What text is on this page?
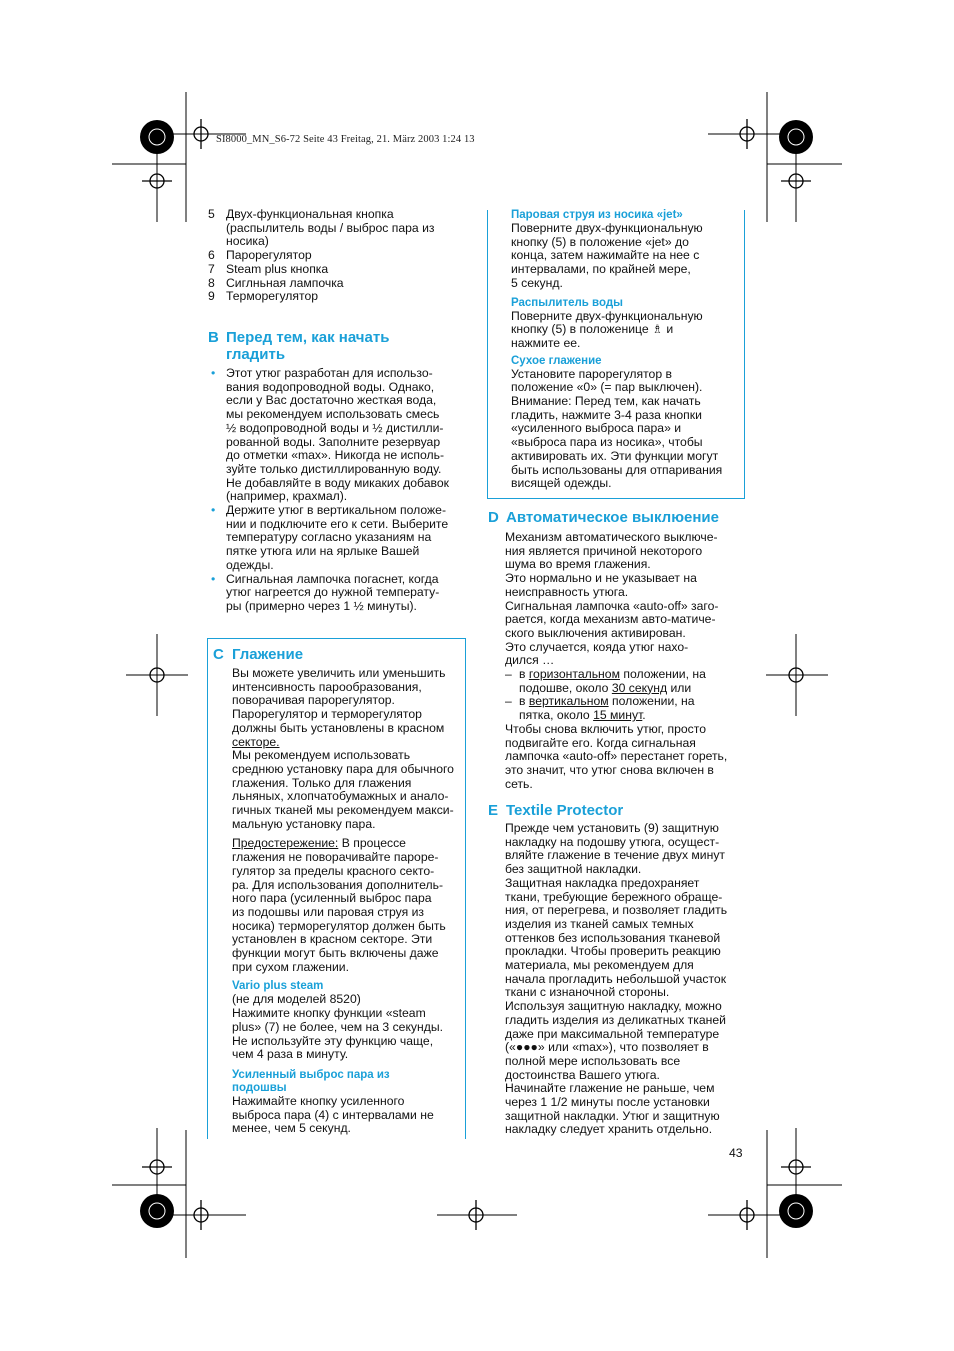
SI8000_MN_S6-72 Seite 43 Freitag, 21. März 2003 1:24 13
5 Двух-функциональная кнопка
(распылитель воды / выброс пара из
носика)
6 Парорегулятор
7 Steam plus кнопка
8 Сиглньная лампочка
9 Терморегулятор
B Перед тем, как начать
гладить
• Этот утюг разработан для использо-
вания водопроводной воды. Однако,
если у Вас достаточно жесткая вода,
мы рекомендуем использовать смесь
½ водопроводной воды и ½ дистилли-
рованной воды. Заполните резервуар
до отметки «max». Никогда не исполь-
зуйте только дистиллированную воду.
Не добавляйте в воду микаких добавок
(например, крахмал).
• Держите утюг в вертикальном положе-
нии и подключите его к сети. Выберите
температуру согласно указаниям на
пятке утюга или на ярлыке Вашей
одежды.
• Сигнальная лампочка погаснет, когда
утюг нагреется до нужной температу-
ры (примерно через 1 ½ минуты).
C Глажение
Вы можете увеличить или уменьшить
интенсивность парообразования,
поворачивая парорегулятор.
Парорегулятор и терморегулятор
должны быть установлены в красном
секторе.
Мы рекомендуем использовать
среднюю установку пара для обычного
глажения. Только для глажения
льняных, хлопчатобумажных и анало-
гичных тканей мы рекомендуем макси-
мальную установку пара.
Предостережение: В процессе
глажения не поворачивайте пароре-
гулятор за пределы красного секто-
ра. Для использования дополнитель-
ного пара (усиленный выброс пара
из подошвы или паровая струя из
носика) терморегулятор должен быть
установлен в красном секторе. Эти
функции могут быть включены даже
при сухом глажении.
Vario plus steam
(не для моделей 8520)
Нажимите кнопку функции «steam
plus» (7) не более, чем на 3 секунды.
Не используйте эту функцию чаще,
чем 4 раза в минуту.
Усиленный выброс пара из
подошвы
Нажимайте кнопку усиленного
выброса пара (4) с интервалами не
менее, чем 5 секунд.
Паровая струя из носика «jet»
Поверните двух-функциональную
кнопку (5) в положение «jet» до
конца, затем нажимайте на нее с
интервалами, по крайней мере,
5 секунд.
Распылитель воды
Поверните двух-функциональную
кнопку (5) в положенице ♗ и
нажмите ее.
Сухое глажение
Установите парорегулятор в
положение «0» (= пар выключен).
Внимание: Перед тем, как начать
гладить, нажмите 3-4 раза кнопки
«усиленного выброса пара» и
«выброса пара из носика», чтобы
активировать их. Эти функции могут
быть использованы для отпаривания
висящей одежды.
D Автоматическое выклюение
Механизм автоматического выключе-
ния является причиной некоторого
шума во время глажения.
Это нормально и не указывает на
неисправность утюга.
Сигнальная лампочка «auto-off» заго-
рается, когда механизм авто-матиче-
ского выключения активирован.
Это случается, кояда утюг нахо-
дился …
– в горизонтальном положении, на
подошве, около 30 секунд или
– в вертикальном положении, на
пятка, около 15 минут.
Чтобы снова включить утюг, просто
подвигайте его. Когда сигнальная
лампочка «auto-off» перестанет гореть,
это значит, что утюг снова включен в
сеть.
E Textile Protector
Прежде чем установить (9) защитную
накладку на подошву утюга, осущест-
вляйте глажение в течение двух минут
без защитной накладки.
Защитная накладка предохраняет
ткани, требующие бережного обраще-
ния, от перегрева, и позволяет гладить
изделия из тканей самых темных
оттенков без использования тканевой
прокладки. Чтобы проверить реакцию
материала, мы рекомендуем для
начала прогладить небольшой участок
ткани с изнаночной стороны.
Используя защитную накладку, можно
гладить изделия из деликатных тканей
даже при максимальной температуре
(«●●●» или «max»), что позволяет в
полной мере использовать все
достоинства Вашего утюга.
Начинайте глажение не раньше, чем
через 1 1/2 минуты после установки
защитной накладки. Утюг и защитную
накладку следует хранить отдельно.
43
